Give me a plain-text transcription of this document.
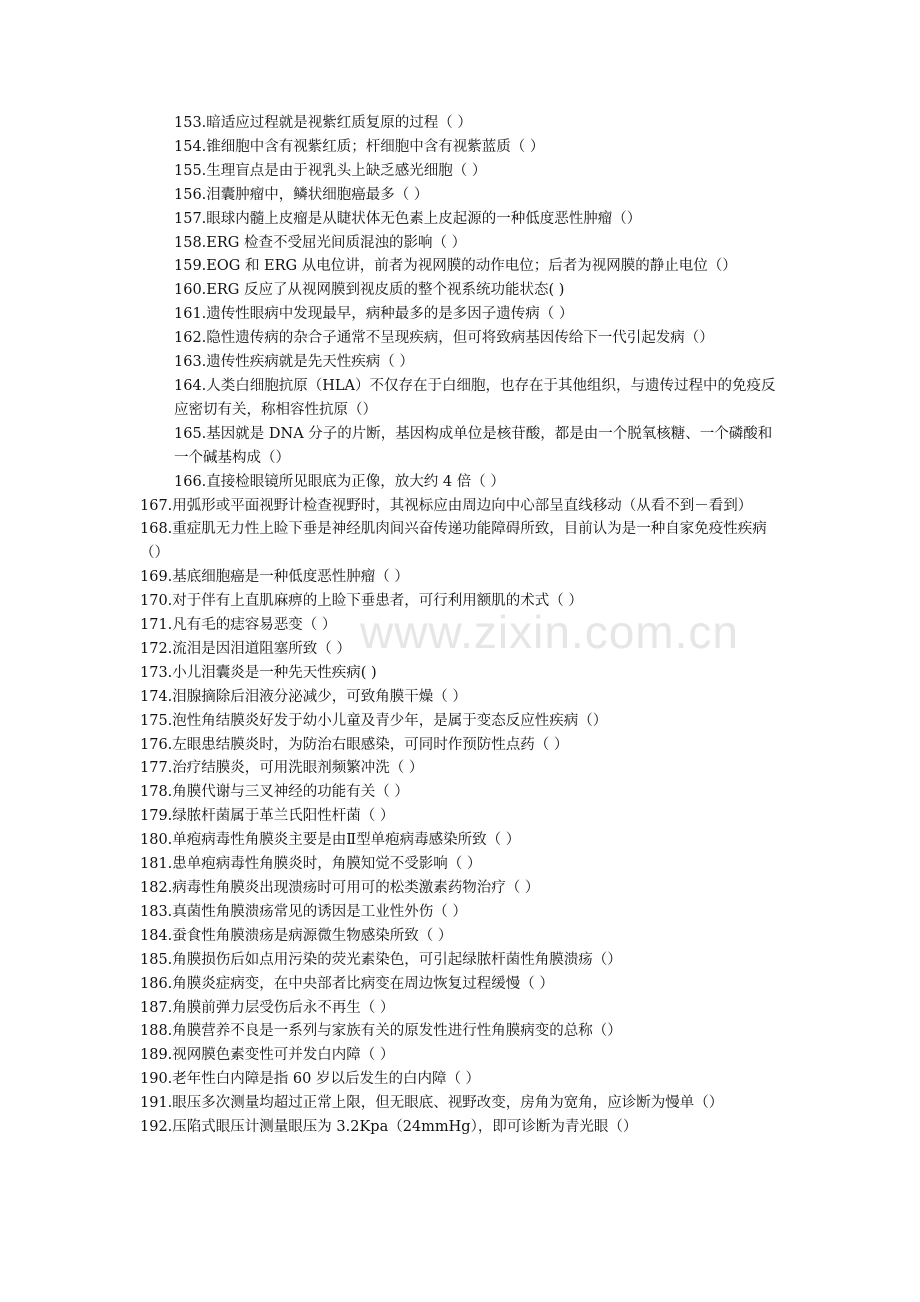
www.zixin.com.cn

153.暗适应过程就是视紫红质复原的过程（ ）

154.锥细胞中含有视紫红质；杆细胞中含有视紫蓝质（ ）

155.生理盲点是由于视乳头上缺乏感光细胞（ ）

156.泪囊肿瘤中，鳞状细胞癌最多（ ）

157.眼球内髓上皮瘤是从睫状体无色素上皮起源的一种低度恶性肿瘤（）

158.ERG 检查不受屈光间质混浊的影响（ ）

159.EOG 和 ERG 从电位讲，前者为视网膜的动作电位；后者为视网膜的静止电位（）

160.ERG 反应了从视网膜到视皮质的整个视系统功能状态( )

161.遗传性眼病中发现最早，病种最多的是多因子遗传病（ ）

162.隐性遗传病的杂合子通常不呈现疾病，但可将致病基因传给下一代引起发病（）

163.遗传性疾病就是先天性疾病（ ）

164.人类白细胞抗原（HLA）不仅存在于白细胞，也存在于其他组织，与遗传过程中的免疫反应密切有关，称相容性抗原（）

165.基因就是 DNA 分子的片断，基因构成单位是核苷酸，都是由一个脱氧核糖、一个磷酸和一个碱基构成（）

166.直接检眼镜所见眼底为正像，放大约 4 倍（ ）

167.用弧形或平面视野计检查视野时，其视标应由周边向中心部呈直线移动（从看不到－看到）

168.重症肌无力性上睑下垂是神经肌肉间兴奋传递功能障碍所致，目前认为是一种自家免疫性疾病（）

169.基底细胞癌是一种低度恶性肿瘤（ ）

170.对于伴有上直肌麻痹的上睑下垂患者，可行利用额肌的术式（ ）

171.凡有毛的痣容易恶变（ ）

172.流泪是因泪道阻塞所致（ ）

173.小儿泪囊炎是一种先天性疾病( )

174.泪腺摘除后泪液分泌减少，可致角膜干燥（ ）

175.泡性角结膜炎好发于幼小儿童及青少年，是属于变态反应性疾病（）

176.左眼患结膜炎时，为防治右眼感染，可同时作预防性点药（ ）

177.治疗结膜炎，可用洗眼剂频繁冲洗（ ）

178.角膜代谢与三叉神经的功能有关（ ）

179.绿脓杆菌属于革兰氏阳性杆菌（ ）

180.单疱病毒性角膜炎主要是由Ⅱ型单疱病毒感染所致（ ）

181.患单疱病毒性角膜炎时，角膜知觉不受影响（ ）

182.病毒性角膜炎出现溃疡时可用可的松类激素药物治疗（ ）

183.真菌性角膜溃疡常见的诱因是工业性外伤（ ）

184.蚕食性角膜溃疡是病源微生物感染所致（ ）

185.角膜损伤后如点用污染的荧光素染色，可引起绿脓杆菌性角膜溃疡（）

186.角膜炎症病变，在中央部者比病变在周边恢复过程缓慢（ ）

187.角膜前弹力层受伤后永不再生（ ）

188.角膜营养不良是一系列与家族有关的原发性进行性角膜病变的总称（）

189.视网膜色素变性可并发白内障（ ）

190.老年性白内障是指 60 岁以后发生的白内障（ ）

191.眼压多次测量均超过正常上限，但无眼底、视野改变，房角为宽角，应诊断为慢单（）

192.压陷式眼压计测量眼压为 3.2Kpa（24mmHg），即可诊断为青光眼（）
